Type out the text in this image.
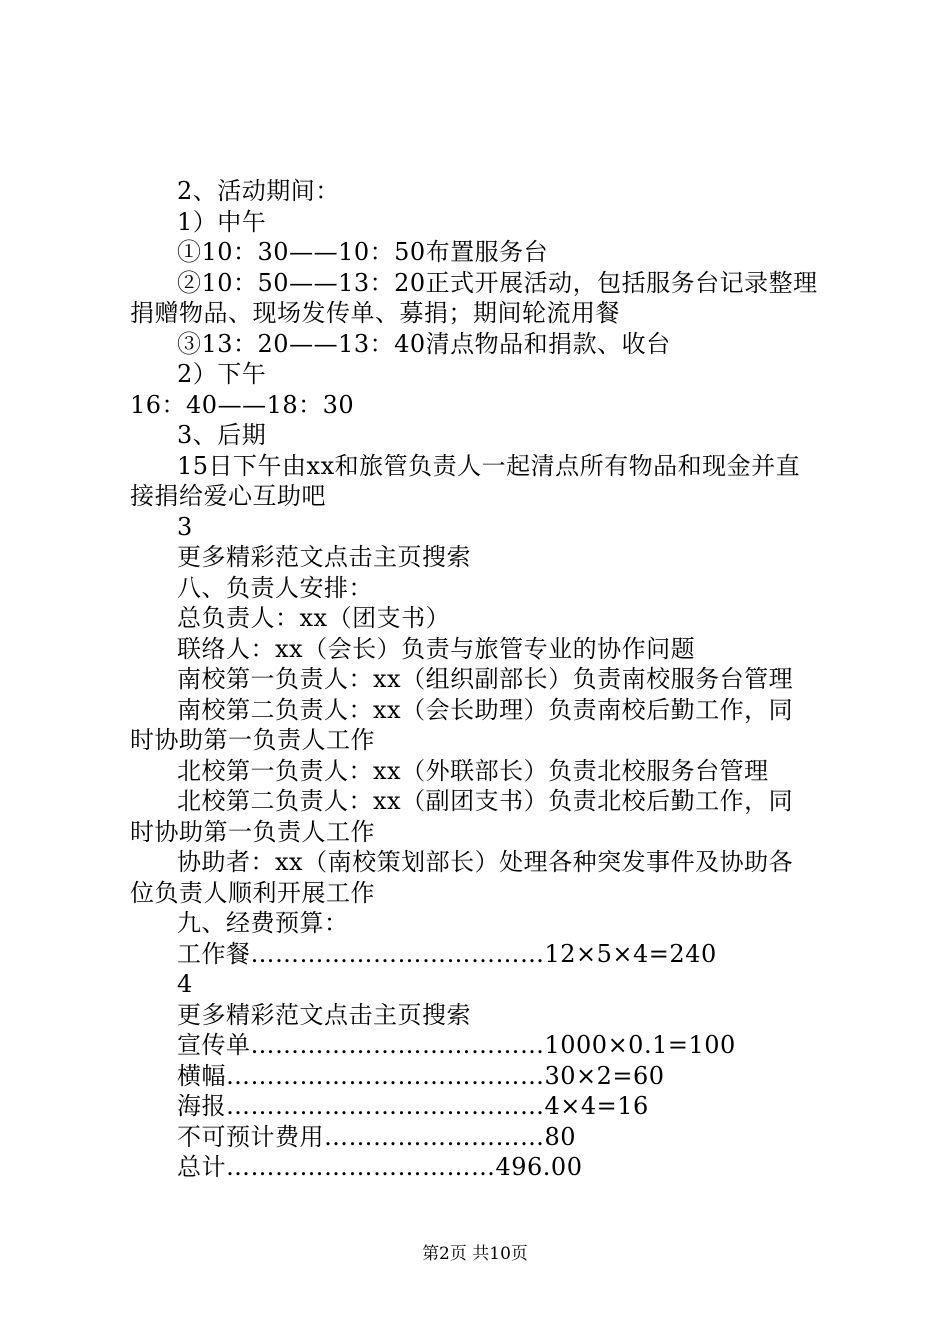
2、活动期间：
1）中午
①10：30——10：50布置服务台
②10：50——13：20正式开展活动，包括服务台记录整理
捐赠物品、现场发传单、募捐；期间轮流用餐
③13：20——13：40清点物品和捐款、收台
2）下午
16：40——18：30
3、后期
15日下午由xx和旅管负责人一起清点所有物品和现金并直
接捐给爱心互助吧
3
更多精彩范文点击主页搜索
八、负责人安排：
总负责人：xx（团支书）
联络人：xx（会长）负责与旅管专业的协作问题
南校第一负责人：xx（组织副部长）负责南校服务台管理
南校第二负责人：xx（会长助理）负责南校后勤工作，同
时协助第一负责人工作
北校第一负责人：xx（外联部长）负责北校服务台管理
北校第二负责人：xx（副团支书）负责北校后勤工作，同
时协助第一负责人工作
协助者：xx（南校策划部长）处理各种突发事件及协助各
位负责人顺利开展工作
九、经费预算：
工作餐………………………………12×5×4=240
4
更多精彩范文点击主页搜索
宣传单………………………………1000×0.1=100
横幅…………………………………30×2=60
海报…………………………………4×4=16
不可预计费用………………………80
总计……………………………496.00
第2页 共10页
